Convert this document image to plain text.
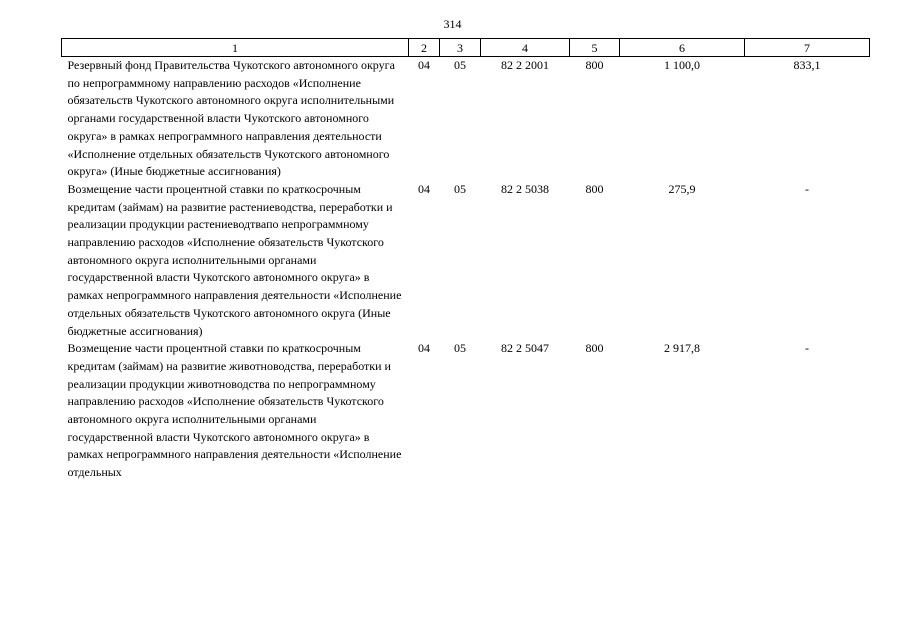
314
1	2	3	4	5	6	7
Резервный фонд Правительства Чукотского автономного округа по непрограммному направлению расходов «Исполнение обязательств Чукотского автономного округа исполнительными органами государственной власти Чукотского автономного округа» в рамках непрограммного направления деятельности «Исполнение отдельных обязательств Чукотского автономного округа» (Иные бюджетные ассигнования)	04	05	82 2 2001	800	1 100,0	833,1
Возмещение части процентной ставки по краткосрочным кредитам (займам) на развитие растениеводства, переработки и реализации продукции растениеводтвапо непрограммному направлению расходов «Исполнение обязательств Чукотского автономного округа исполнительными органами государственной власти Чукотского автономного округа» в рамках непрограммного направления деятельности «Исполнение отдельных обязательств Чукотского автономного округа (Иные бюджетные ассигнования)	04	05	82 2 5038	800	275,9	-
Возмещение части процентной ставки по краткосрочным кредитам (займам) на развитие животноводства, переработки и реализации продукции животноводства по непрограммному направлению расходов «Исполнение обязательств Чукотского автономного округа исполнительными органами государственной власти Чукотского автономного округа» в рамках непрограммного направления деятельности «Исполнение отдельных	04	05	82 2 5047	800	2 917,8	-
